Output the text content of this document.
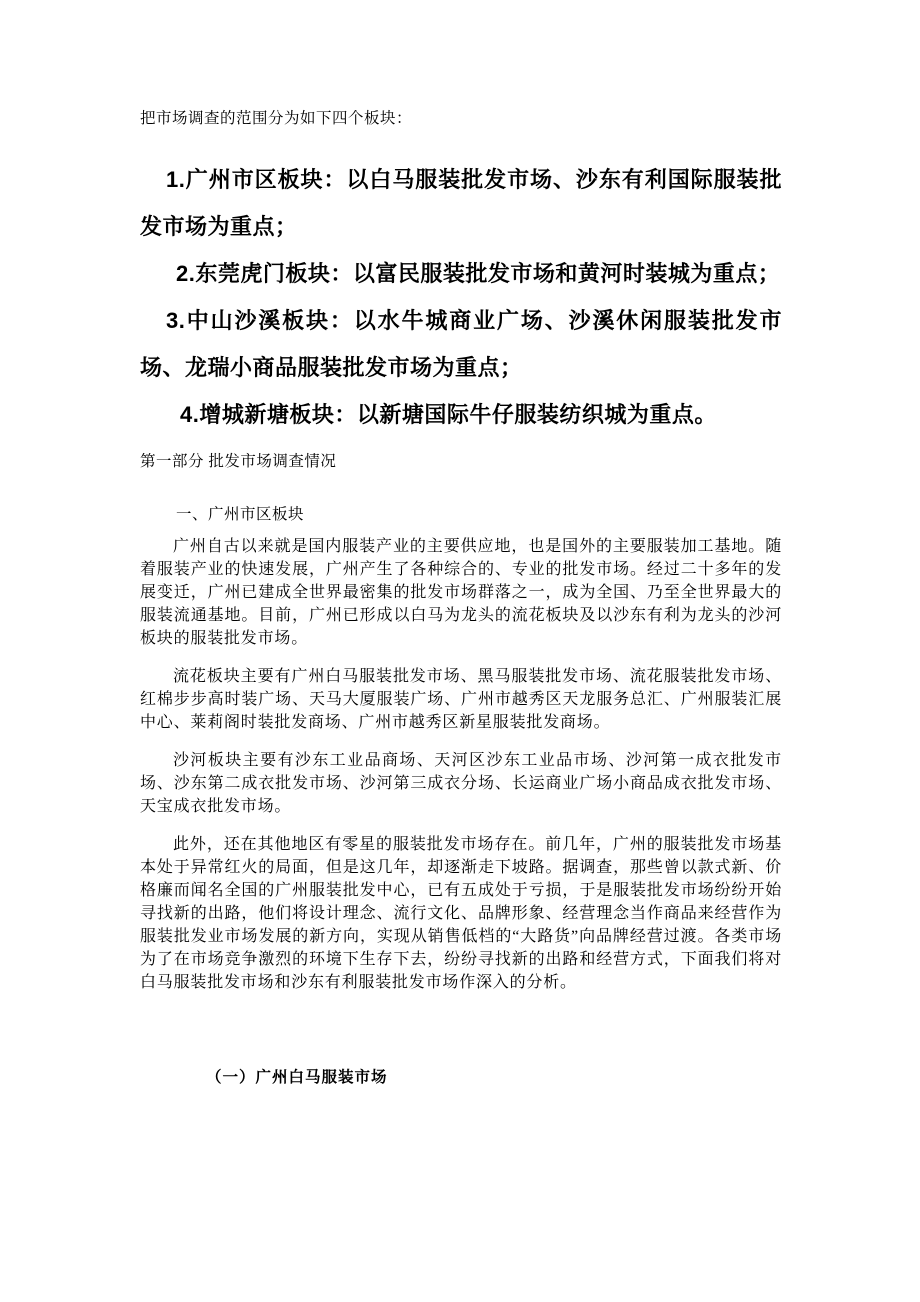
把市场调查的范围分为如下四个板块：

1.广州市区板块：以白马服装批发市场、沙东有利国际服装批发市场为重点；

2.东莞虎门板块：以富民服装批发市场和黄河时装城为重点；

3.中山沙溪板块：以水牛城商业广场、沙溪休闲服装批发市场、龙瑞小商品服装批发市场为重点；

4.增城新塘板块：以新塘国际牛仔服装纺织城为重点。

第一部分 批发市场调查情况

一、广州市区板块

广州自古以来就是国内服装产业的主要供应地，也是国外的主要服装加工基地。随着服装产业的快速发展，广州产生了各种综合的、专业的批发市场。经过二十多年的发展变迁，广州已建成全世界最密集的批发市场群落之一，成为全国、乃至全世界最大的服装流通基地。目前，广州已形成以白马为龙头的流花板块及以沙东有利为龙头的沙河板块的服装批发市场。

流花板块主要有广州白马服装批发市场、黑马服装批发市场、流花服装批发市场、红棉步步高时装广场、天马大厦服装广场、广州市越秀区天龙服务总汇、广州服装汇展中心、莱莉阁时装批发商场、广州市越秀区新星服装批发商场。

沙河板块主要有沙东工业品商场、天河区沙东工业品市场、沙河第一成衣批发市场、沙东第二成衣批发市场、沙河第三成衣分场、长运商业广场小商品成衣批发市场、天宝成衣批发市场。

此外，还在其他地区有零星的服装批发市场存在。前几年，广州的服装批发市场基本处于异常红火的局面，但是这几年，却逐渐走下坡路。据调查，那些曾以款式新、价格廉而闻名全国的广州服装批发中心，已有五成处于亏损，于是服装批发市场纷纷开始寻找新的出路，他们将设计理念、流行文化、品牌形象、经营理念当作商品来经营作为服装批发业市场发展的新方向，实现从销售低档的“大路货”向品牌经营过渡。各类市场为了在市场竞争激烈的环境下生存下去，纷纷寻找新的出路和经营方式，下面我们将对白马服装批发市场和沙东有利服装批发市场作深入的分析。

（一）广州白马服装市场
